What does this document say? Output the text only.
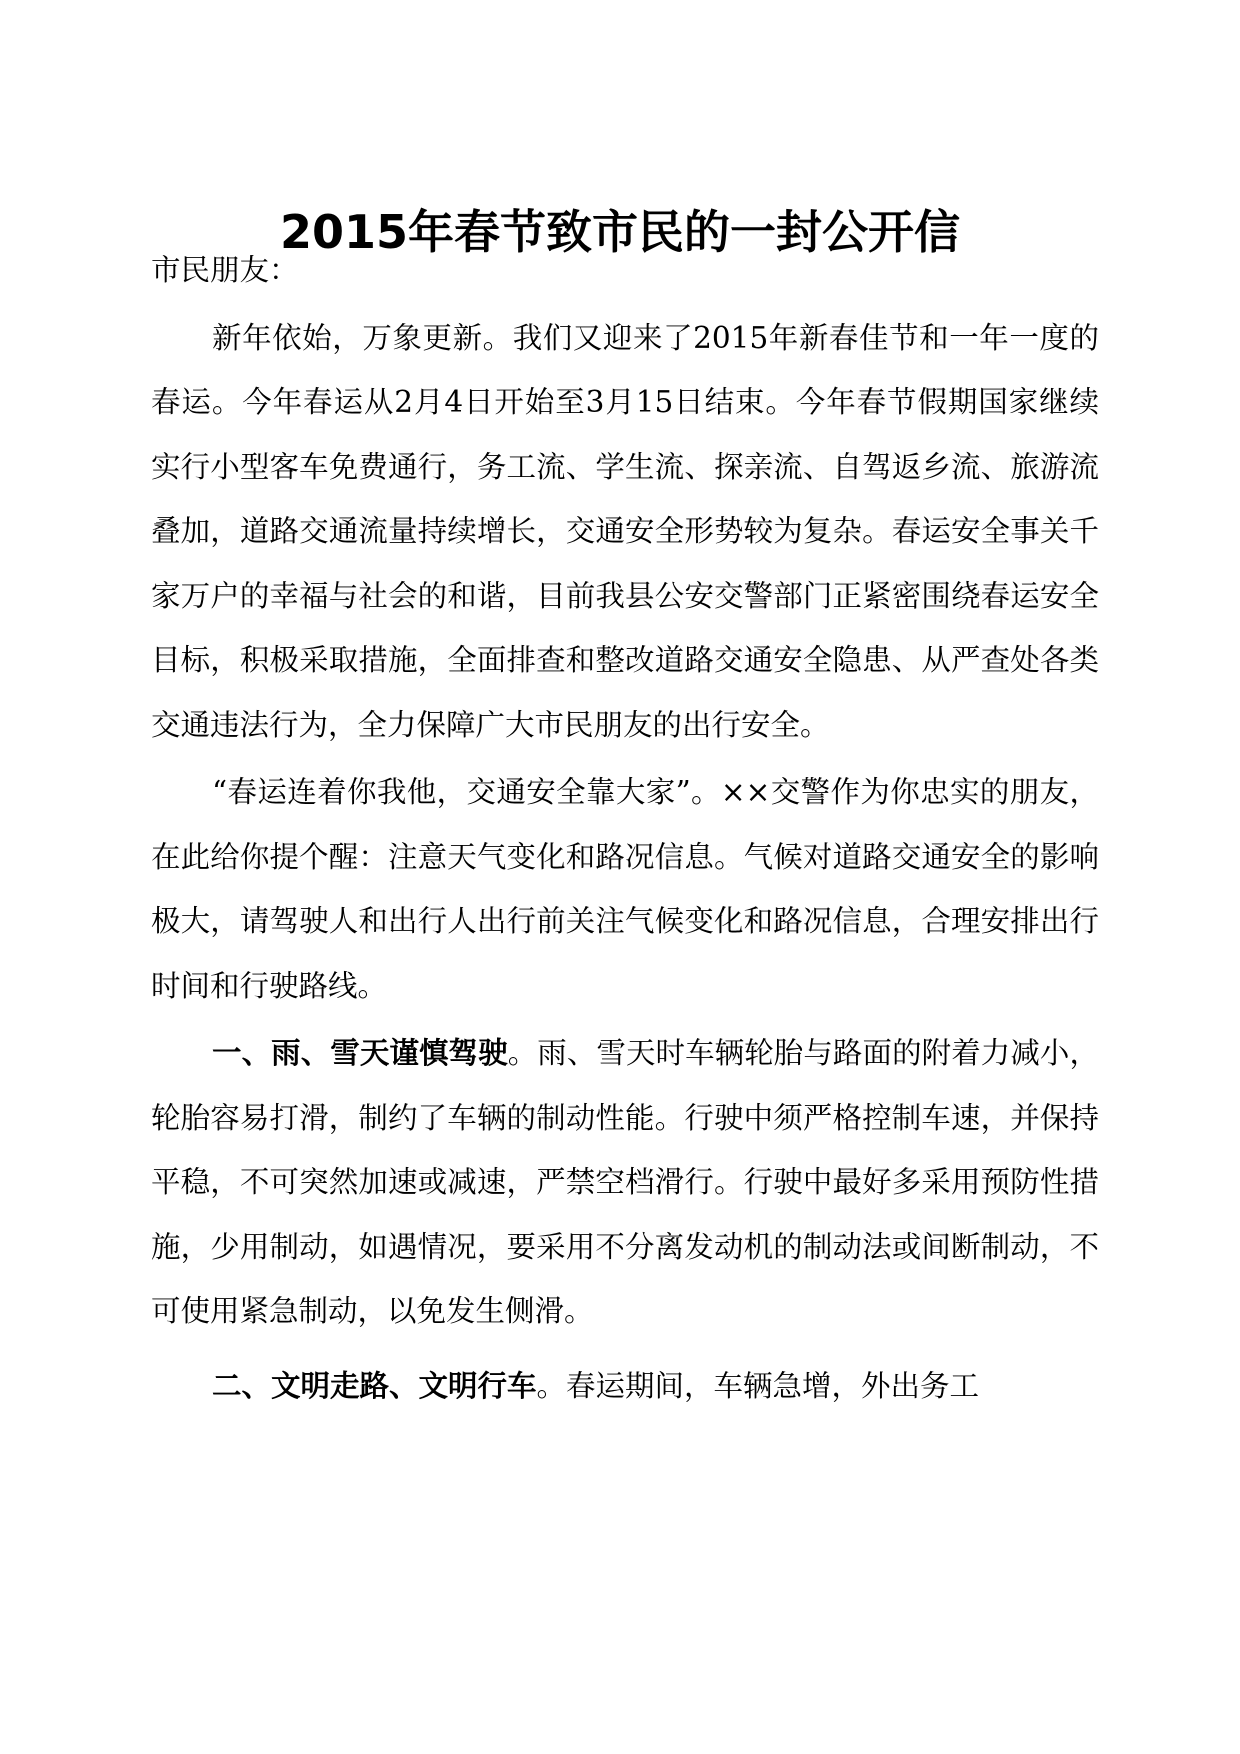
2015年春节致市民的一封公开信

市民朋友：

新年依始，万象更新。我们又迎来了2015年新春佳节和一年一度的春运。今年春运从2月4日开始至3月15日结束。今年春节假期国家继续实行小型客车免费通行，务工流、学生流、探亲流、自驾返乡流、旅游流叠加，道路交通流量持续增长，交通安全形势较为复杂。春运安全事关千家万户的幸福与社会的和谐，目前我县公安交警部门正紧密围绕春运安全目标，积极采取措施，全面排查和整改道路交通安全隐患、从严查处各类交通违法行为，全力保障广大市民朋友的出行安全。

“春运连着你我他，交通安全靠大家”。××交警作为你忠实的朋友，在此给你提个醒：注意天气变化和路况信息。气候对道路交通安全的影响极大，请驾驶人和出行人出行前关注气候变化和路况信息，合理安排出行时间和行驶路线。

一、雨、雪天谨慎驾驶。雨、雪天时车辆轮胎与路面的附着力减小，轮胎容易打滑，制约了车辆的制动性能。行驶中须严格控制车速，并保持平稳，不可突然加速或减速，严禁空档滑行。行驶中最好多采用预防性措施，少用制动，如遇情况，要采用不分离发动机的制动法或间断制动，不可使用紧急制动，以免发生侧滑。

二、文明走路、文明行车。春运期间，车辆急增，外出务工
